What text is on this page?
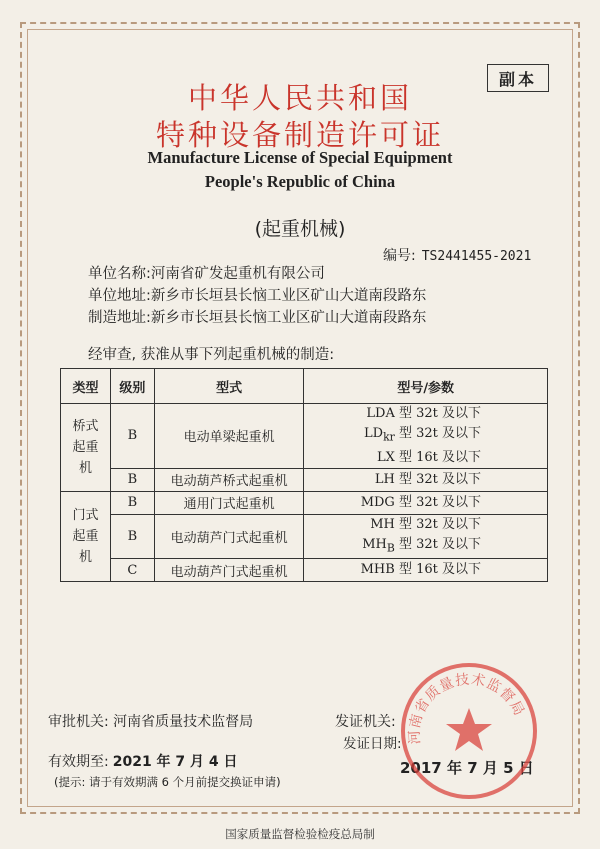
副本
中华人民共和国
特种设备制造许可证
Manufacture License of Special Equipment
People's Republic of China
(起重机械)
编号: TS2441455-2021
单位名称:河南省矿发起重机有限公司
单位地址:新乡市长垣县长恼工业区矿山大道南段路东
制造地址:新乡市长垣县长恼工业区矿山大道南段路东
经审查, 获准从事下列起重机械的制造:
类型	级别	型式	型号/参数
桥式
起重
机	B	电动单梁起重机	LDA 型 32t 及以下
$LD_{kr}$ 型 32t 及以下
LX 型 16t 及以下
	B	电动葫芦桥式起重机	LH 型 32t 及以下
门式
起重
机	B	通用门式起重机	MDG 型 32t 及以下
	B	电动葫芦门式起重机	MH 型 32t 及以下
$MH_B$ 型 32t 及以下
	C	电动葫芦门式起重机	MHB 型 16t 及以下
审批机关: 河南省质量技术监督局	发证机关:
发证日期:
有效期至: 2021 年 7 月 4 日	2017 年 7 月 5 日
(提示: 请于有效期满 6 个月前提交换证申请)
河南省质量技术监督局
国家质量监督检验检疫总局制
